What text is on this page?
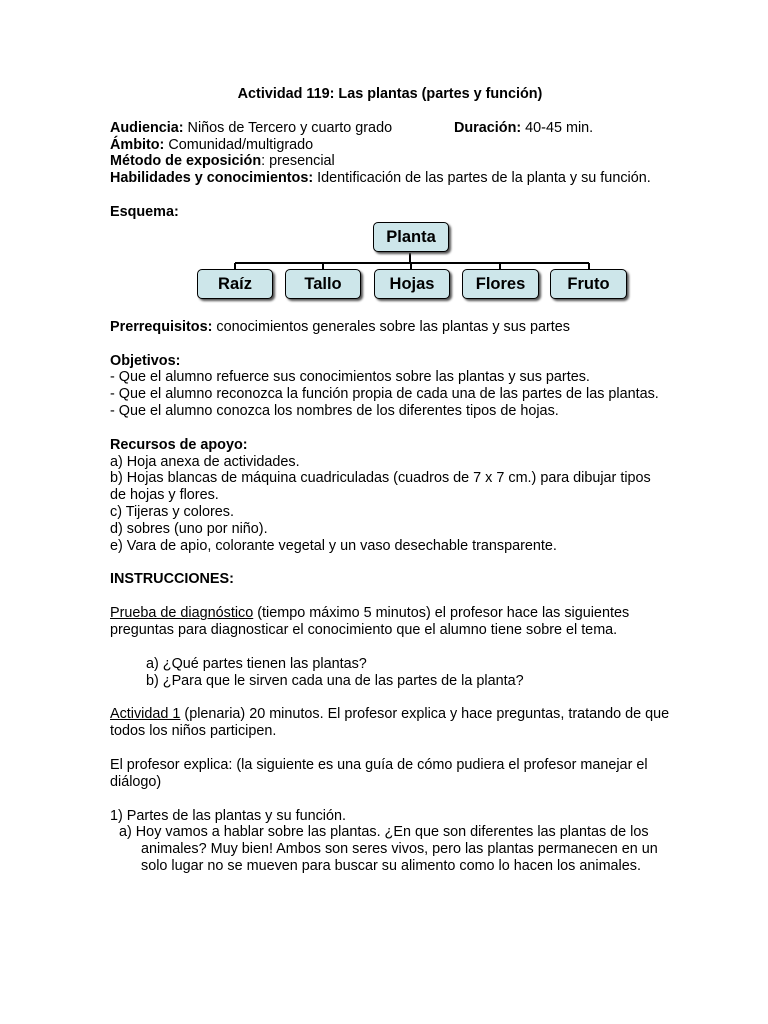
Actividad 119: Las plantas (partes y función)

Audiencia: Niños de Tercero y cuarto grado	Duración: 40-45 min.

Ámbito: Comunidad/multigrado

Método de exposición: presencial

Habilidades y conocimientos: Identificación de las partes de la planta y su función.

Esquema:

Planta
Raíz	Tallo	Hojas	Flores	Fruto

Prerrequisitos: conocimientos generales sobre las plantas y sus partes

Objetivos:

- Que el alumno refuerce sus conocimientos sobre las plantas y sus partes.

- Que el alumno reconozca la función propia de cada una de las partes de las plantas.

- Que el alumno conozca los nombres de los diferentes tipos de hojas.

Recursos de apoyo:

a) Hoja anexa de actividades.

b) Hojas blancas de máquina cuadriculadas (cuadros de 7 x 7 cm.) para dibujar tipos de hojas y flores.

c) Tijeras y colores.

d) sobres (uno por niño).

e) Vara de apio, colorante vegetal y un vaso desechable transparente.

INSTRUCCIONES:

Prueba de diagnóstico (tiempo máximo 5 minutos) el profesor hace las siguientes preguntas para diagnosticar el conocimiento que el alumno tiene sobre el tema.

a) ¿Qué partes tienen las plantas?

b) ¿Para que le sirven cada una de las partes de la planta?

Actividad 1 (plenaria) 20 minutos. El profesor explica y hace preguntas, tratando de que todos los niños participen.

El profesor explica: (la siguiente es una guía de cómo pudiera el profesor manejar el diálogo)

1) Partes de las plantas y su función.

a) Hoy vamos a hablar sobre las plantas. ¿En que son diferentes las plantas de los animales? Muy bien! Ambos son seres vivos, pero las plantas permanecen en un solo lugar no se mueven para buscar su alimento como lo hacen los animales.
